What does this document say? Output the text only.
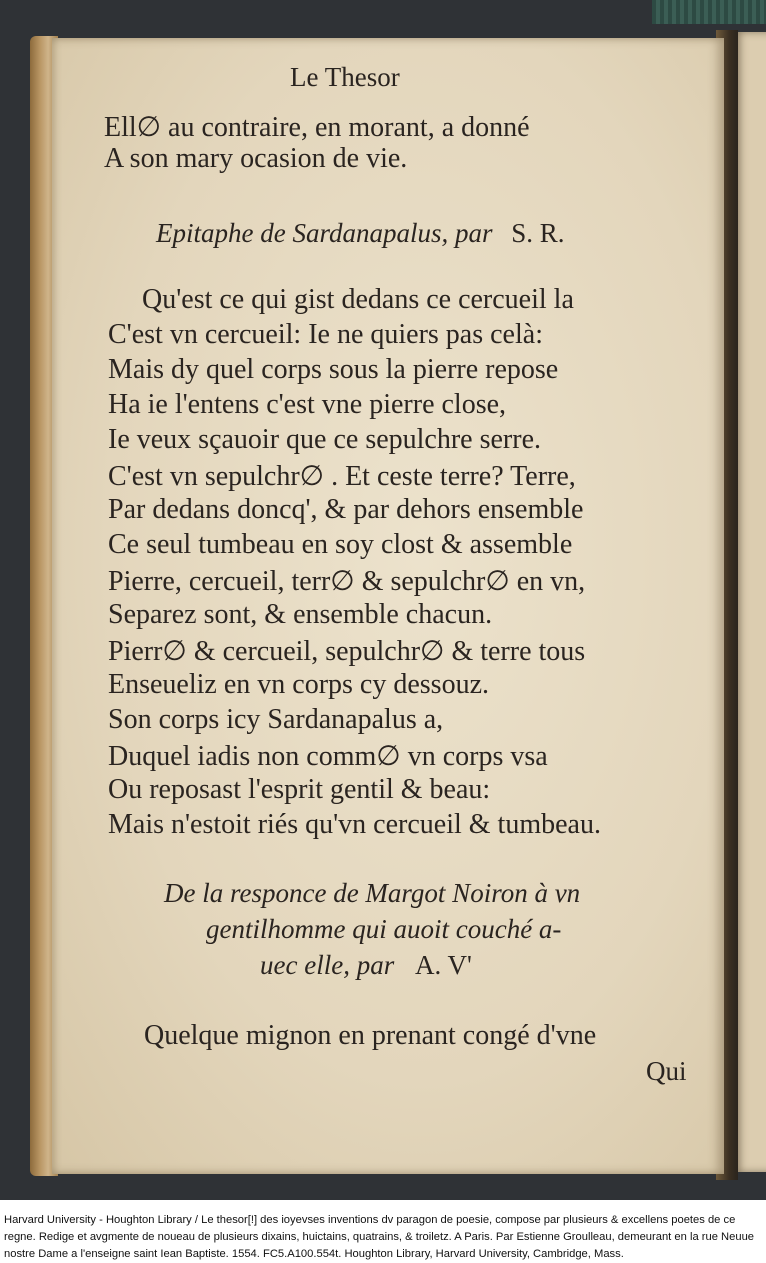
Le Thesor
Ell∅ au contraire, en morant, a donné
A son mary ocasion de vie.
Epitaphe de Sardanapalus, par S. R.
Qu'est ce qui gist dedans ce cercueil la
C'est vn cercueil: Ie ne quiers pas celà:
Mais dy quel corps sous la pierre repose
Ha ie l'entens c'est vne pierre close,
Ie veux sçauoir que ce sepulchre serre.
C'est vn sepulchr∅ . Et ceste terre? Terre,
Par dedans doncq', & par dehors ensemble
Ce seul tumbeau en soy clost & assemble
Pierre, cercueil, terr∅ & sepulchr∅ en vn,
Separez sont, & ensemble chacun.
Pierr∅ & cercueil, sepulchr∅ & terre tous
Enseueliz en vn corps cy dessouz.
Son corps icy Sardanapalus a,
Duquel iadis non comm∅ vn corps vsa
Ou reposast l'esprit gentil & beau:
Mais n'estoit riés qu'vn cercueil & tumbeau.
De la responce de Margot Noiron à vn
gentilhomme qui auoit couché a-
uec elle, par A. V'
Quelque mignon en prenant congé d'vne
Qui
Harvard University - Houghton Library / Le thesor[!] des ioyevses inventions dv paragon de poesie, compose par plusieurs & excellens poetes de ce regne. Redige et avgmente de noueau de plusieurs dixains, huictains, quatrains, & troiletz. A Paris. Par Estienne Groulleau, demeurant en la rue Neuue nostre Dame a l'enseigne saint Iean Baptiste. 1554. FC5.A100.554t. Houghton Library, Harvard University, Cambridge, Mass.
